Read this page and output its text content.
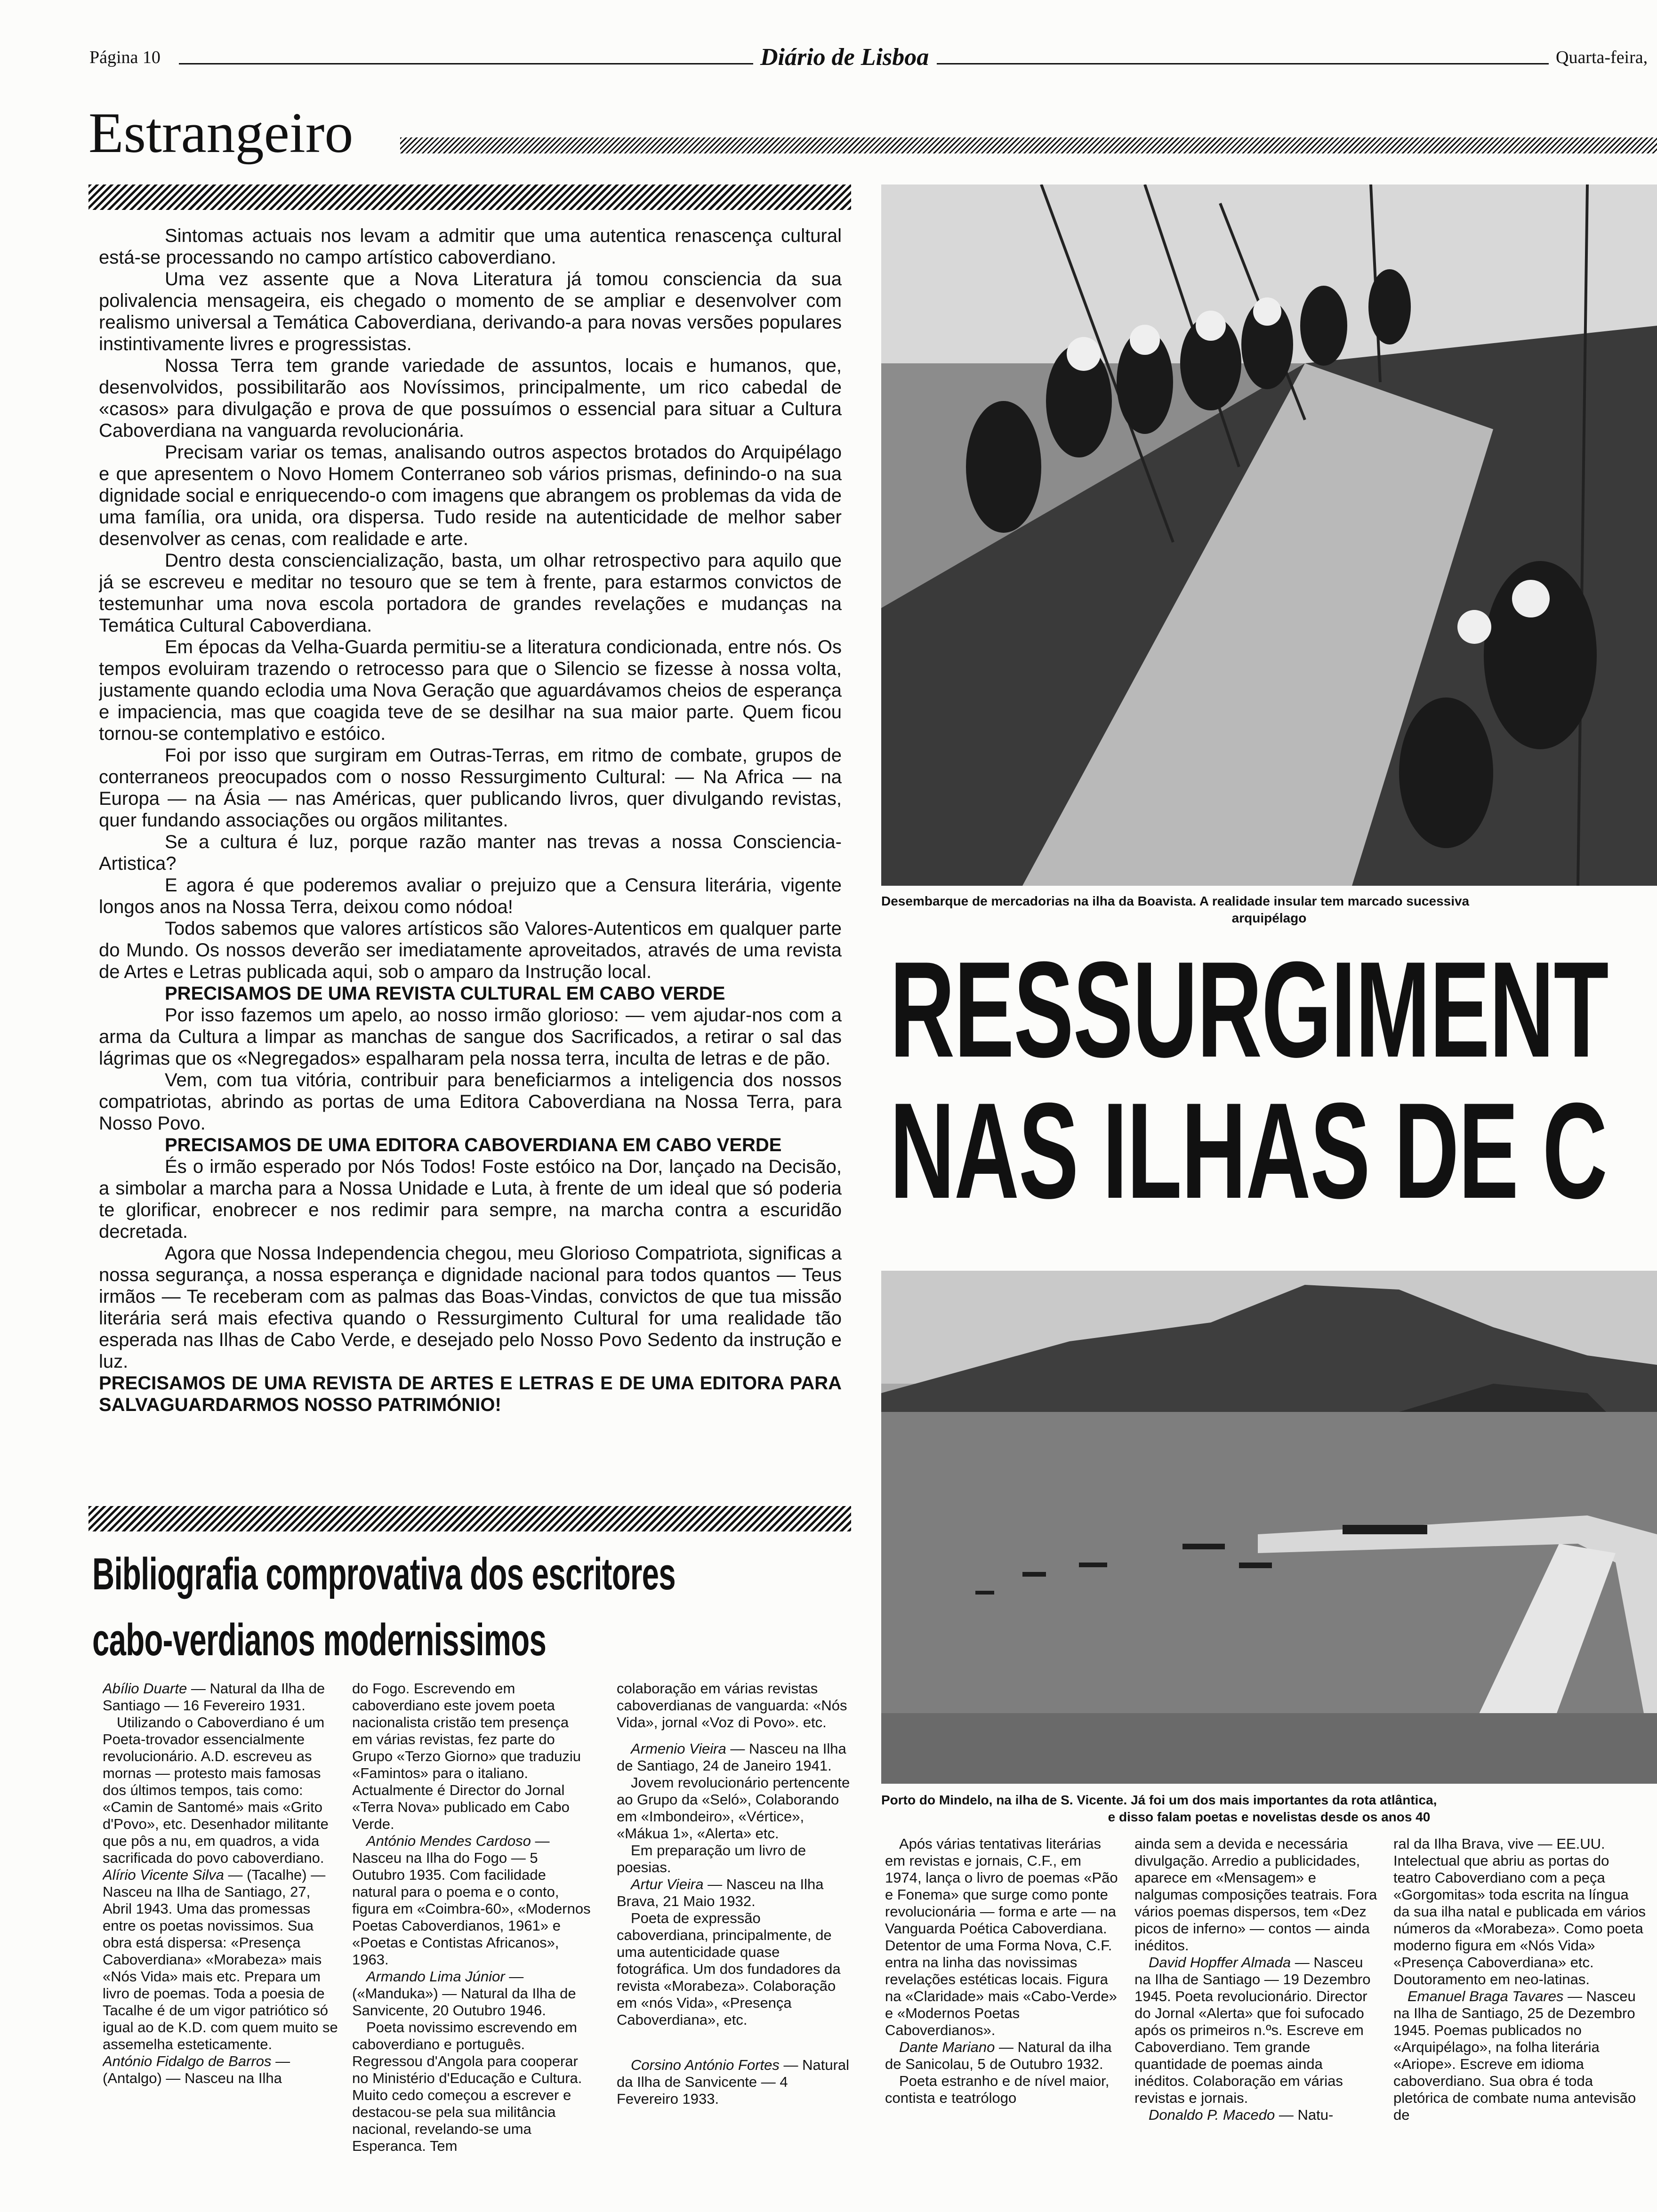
Página 10	Diário de Lisboa	Quarta-feira,
Estrangeiro

Sintomas actuais nos levam a admitir que uma autentica renascença cultural está-se processando no campo artístico caboverdiano.

Uma vez assente que a Nova Literatura já tomou consciencia da sua polivalencia mensageira, eis chegado o momento de se ampliar e desenvolver com realismo universal a Temática Caboverdiana, derivando-a para novas versões populares instintivamente livres e progressistas.

Nossa Terra tem grande variedade de assuntos, locais e humanos, que, desenvolvidos, possibilitarão aos Novíssimos, principalmente, um rico cabedal de «casos» para divulgação e prova de que possuímos o essencial para situar a Cultura Caboverdiana na vanguarda revolucionária.

Precisam variar os temas, analisando outros aspectos brotados do Arquipélago e que apresentem o Novo Homem Conterraneo sob vários prismas, definindo-o na sua dignidade social e enriquecendo-o com imagens que abrangem os problemas da vida de uma família, ora unida, ora dispersa. Tudo reside na autenticidade de melhor saber desenvolver as cenas, com realidade e arte.

Dentro desta consciencialização, basta, um olhar retrospectivo para aquilo que já se escreveu e meditar no tesouro que se tem à frente, para estarmos convictos de testemunhar uma nova escola portadora de grandes revelações e mudanças na Temática Cultural Caboverdiana.

Em épocas da Velha-Guarda permitiu-se a literatura condicionada, entre nós. Os tempos evoluiram trazendo o retrocesso para que o Silencio se fizesse à nossa volta, justamente quando eclodia uma Nova Geração que aguardávamos cheios de esperança e impaciencia, mas que coagida teve de se desilhar na sua maior parte. Quem ficou tornou-se contemplativo e estóico.

Foi por isso que surgiram em Outras-Terras, em ritmo de combate, grupos de conterraneos preocupados com o nosso Ressurgimento Cultural: — Na Africa — na Europa — na Ásia — nas Américas, quer publicando livros, quer divulgando revistas, quer fundando associações ou orgãos militantes.

Se a cultura é luz, porque razão manter nas trevas a nossa Consciencia-Artistica?

E agora é que poderemos avaliar o prejuizo que a Censura literária, vigente longos anos na Nossa Terra, deixou como nódoa!

Todos sabemos que valores artísticos são Valores-Autenticos em qualquer parte do Mundo. Os nossos deverão ser imediatamente aproveitados, através de uma revista de Artes e Letras publicada aqui, sob o amparo da Instrução local.

PRECISAMOS DE UMA REVISTA CULTURAL EM CABO VERDE

Por isso fazemos um apelo, ao nosso irmão glorioso: — vem ajudar-nos com a arma da Cultura a limpar as manchas de sangue dos Sacrificados, a retirar o sal das lágrimas que os «Negregados» espalharam pela nossa terra, inculta de letras e de pão.

Vem, com tua vitória, contribuir para beneficiarmos a inteligencia dos nossos compatriotas, abrindo as portas de uma Editora Caboverdiana na Nossa Terra, para Nosso Povo.

PRECISAMOS DE UMA EDITORA CABOVERDIANA EM CABO VERDE

És o irmão esperado por Nós Todos! Foste estóico na Dor, lançado na Decisão, a simbolar a marcha para a Nossa Unidade e Luta, à frente de um ideal que só poderia te glorificar, enobrecer e nos redimir para sempre, na marcha contra a escuridão decretada.

Agora que Nossa Independencia chegou, meu Glorioso Compatriota, significas a nossa segurança, a nossa esperança e dignidade nacional para todos quantos — Teus irmãos — Te receberam com as palmas das Boas-Vindas, convictos de que tua missão literária será mais efectiva quando o Ressurgimento Cultural for uma realidade tão esperada nas Ilhas de Cabo Verde, e desejado pelo Nosso Povo Sedento da instrução e luz.

PRECISAMOS DE UMA REVISTA DE ARTES E LETRAS E DE UMA EDITORA PARA SALVAGUARDARMOS NOSSO PATRIMÓNIO!

Desembarque de mercadorias na ilha da Boavista. A realidade insular tem marcado sucessiva
arquipélago
RESSURGIMENT
NAS ILHAS DE C
Porto do Mindelo, na ilha de S. Vicente. Já foi um dos mais importantes da rota atlântica,
e disso falam poetas e novelistas desde os anos 40
Bibliografia comprovativa dos escritores
cabo-verdianos modernissimos

Abílio Duarte — Natural da Ilha de Santiago — 16 Fevereiro 1931.

Utilizando o Caboverdiano é um Poeta-trovador essencialmente revolucionário. A.D. escreveu as mornas — protesto mais famosas dos últimos tempos, tais como: «Camin de Santomé» mais «Grito d'Povo», etc. Desenhador militante que pôs a nu, em quadros, a vida sacrificada do povo caboverdiano.

Alírio Vicente Silva — (Tacalhe) — Nasceu na Ilha de Santiago, 27, Abril 1943. Uma das promessas entre os poetas novissimos. Sua obra está dispersa: «Presença Caboverdiana» «Morabeza» mais «Nós Vida» mais etc. Prepara um livro de poemas. Toda a poesia de Tacalhe é de um vigor patriótico só igual ao de K.D. com quem muito se assemelha esteticamente.

António Fidalgo de Barros — (Antalgo) — Nasceu na Ilha

do Fogo. Escrevendo em caboverdiano este jovem poeta nacionalista cristão tem presença em várias revistas, fez parte do Grupo «Terzo Giorno» que traduziu «Famintos» para o italiano. Actualmente é Director do Jornal «Terra Nova» publicado em Cabo Verde.

António Mendes Cardoso — Nasceu na Ilha do Fogo — 5 Outubro 1935. Com facilidade natural para o poema e o conto, figura em «Coimbra-60», «Modernos Poetas Caboverdianos, 1961» e «Poetas e Contistas Africanos», 1963.

Armando Lima Júnior — («Manduka») — Natural da Ilha de Sanvicente, 20 Outubro 1946.

Poeta novissimo escrevendo em caboverdiano e português. Regressou d'Angola para cooperar no Ministério d'Educação e Cultura. Muito cedo começou a escrever e destacou-se pela sua militância nacional, revelando-se uma Esperanca. Tem

colaboração em várias revistas caboverdianas de vanguarda: «Nós Vida», jornal «Voz di Povo». etc.

Armenio Vieira — Nasceu na Ilha de Santiago, 24 de Janeiro 1941.

Jovem revolucionário pertencente ao Grupo da «Seló», Colaborando em «Imbondeiro», «Vértice», «Mákua 1», «Alerta» etc.

Em preparação um livro de poesias.

Artur Vieira — Nasceu na Ilha Brava, 21 Maio 1932.

Poeta de expressão caboverdiana, principalmente, de uma autenticidade quase fotográfica. Um dos fundadores da revista «Morabeza». Colaboração em «nós Vida», «Presença Caboverdiana», etc.

Corsino António Fortes — Natural da Ilha de Sanvicente — 4 Fevereiro 1933.

Após várias tentativas literárias em revistas e jornais, C.F., em 1974, lança o livro de poemas «Pão e Fonema» que surge como ponte revolucionária — forma e arte — na Vanguarda Poética Caboverdiana. Detentor de uma Forma Nova, C.F. entra na linha das novissimas revelações estéticas locais. Figura na «Claridade» mais «Cabo-Verde» e «Modernos Poetas Caboverdianos».

Dante Mariano — Natural da ilha de Sanicolau, 5 de Outubro 1932.

Poeta estranho e de nível maior, contista e teatrólogo

ainda sem a devida e necessária divulgação. Arredio a publicidades, aparece em «Mensagem» e nalgumas composições teatrais. Fora vários poemas dispersos, tem «Dez picos de inferno» — contos — ainda inéditos.

David Hopffer Almada — Nasceu na Ilha de Santiago — 19 Dezembro 1945. Poeta revolucionário. Director do Jornal «Alerta» que foi sufocado após os primeiros n.ºs. Escreve em Caboverdiano. Tem grande quantidade de poemas ainda inéditos. Colaboração em várias revistas e jornais.

Donaldo P. Macedo — Natu-

ral da Ilha Brava, vive — EE.UU. Intelectual que abriu as portas do teatro Caboverdiano com a peça «Gorgomitas» toda escrita na língua da sua ilha natal e publicada em vários números da «Morabeza». Como poeta moderno figura em «Nós Vida» «Presença Caboverdiana» etc. Doutoramento em neo-latinas.

Emanuel Braga Tavares — Nasceu na Ilha de Santiago, 25 de Dezembro 1945. Poemas publicados no «Arquipélago», na folha literária «Ariope». Escreve em idioma caboverdiano. Sua obra é toda pletórica de combate numa antevisão de
